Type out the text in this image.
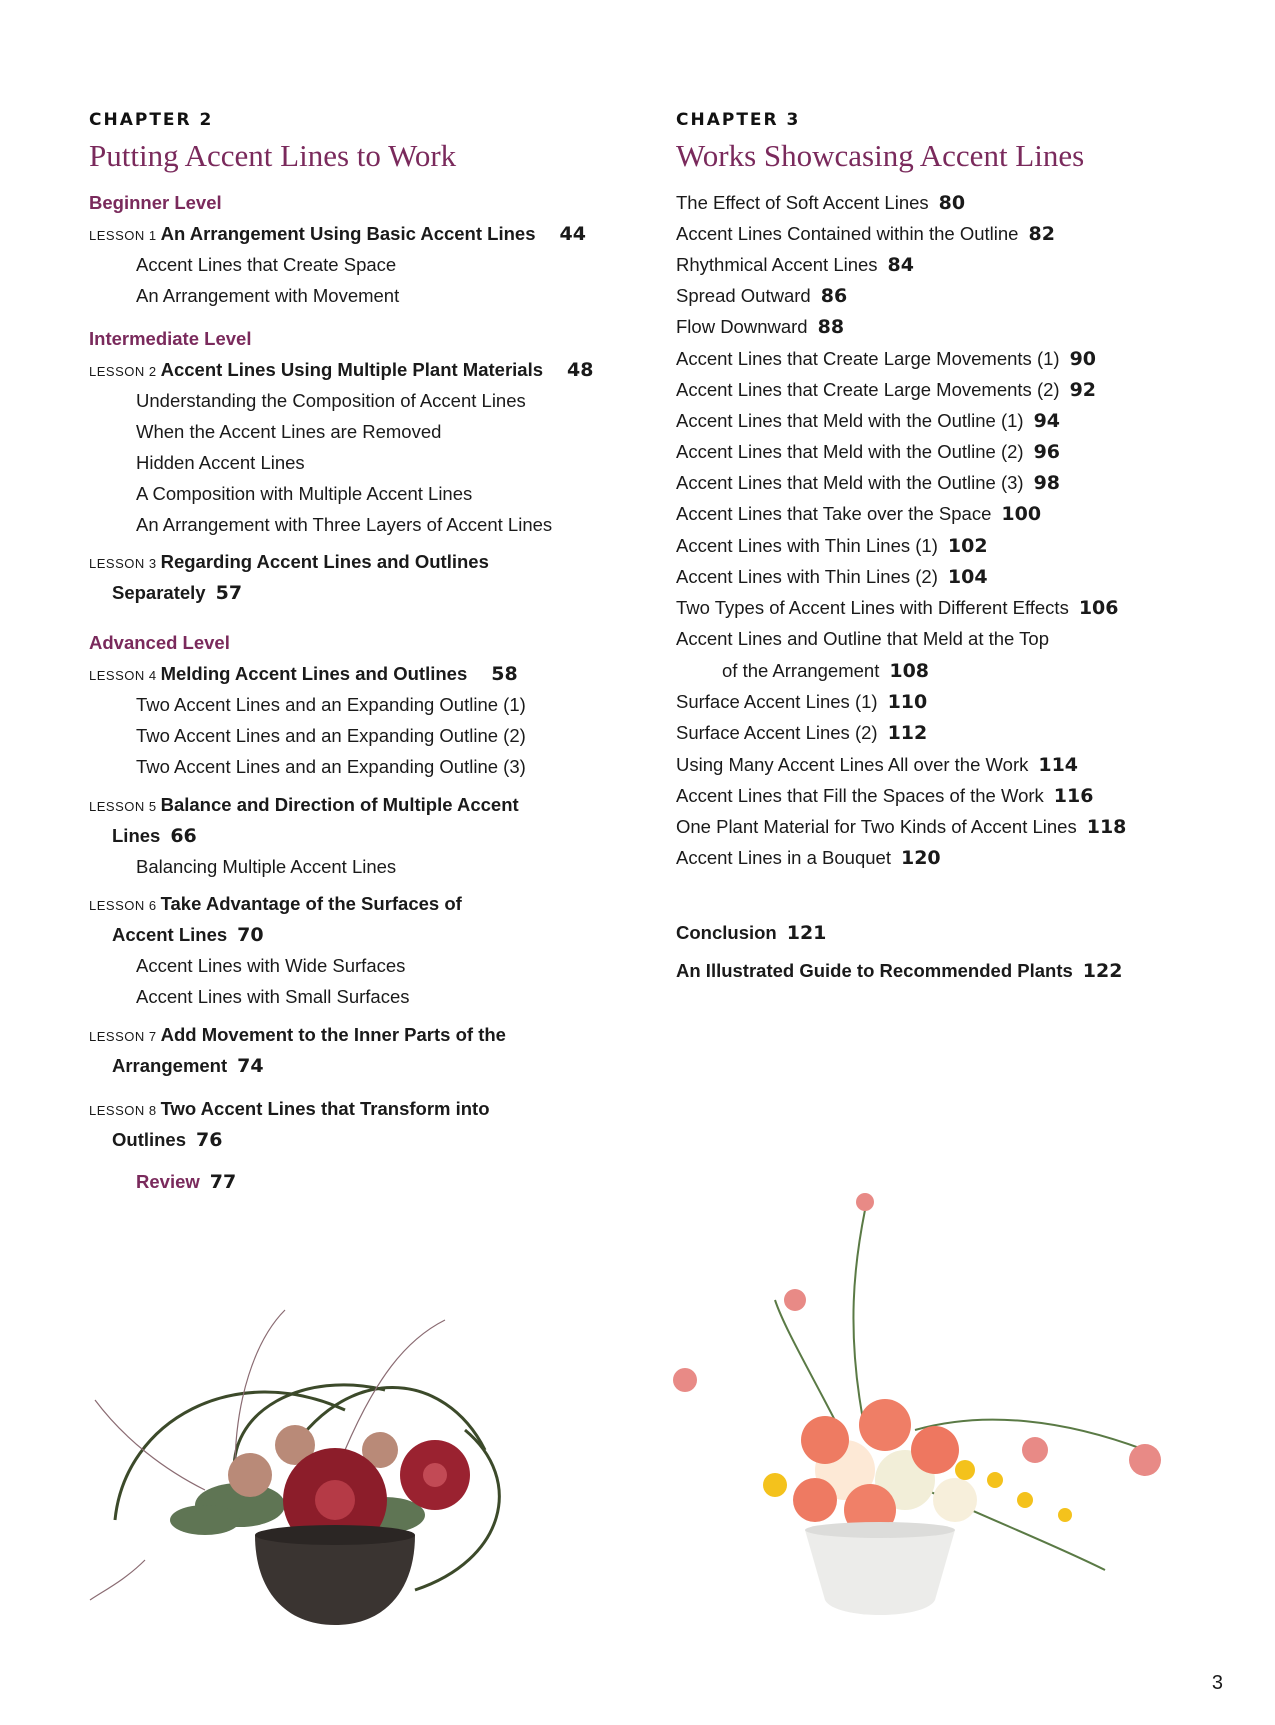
CHAPTER 2
Putting Accent Lines to Work
Beginner Level
LESSON 1 An Arrangement Using Basic Accent Lines 44
Accent Lines that Create Space
An Arrangement with Movement
Intermediate Level
LESSON 2 Accent Lines Using Multiple Plant Materials 48
Understanding the Composition of Accent Lines
When the Accent Lines are Removed
Hidden Accent Lines
A Composition with Multiple Accent Lines
An Arrangement with Three Layers of Accent Lines
LESSON 3 Regarding Accent Lines and Outlines
Separately 57
Advanced Level
LESSON 4 Melding Accent Lines and Outlines 58
Two Accent Lines and an Expanding Outline (1)
Two Accent Lines and an Expanding Outline (2)
Two Accent Lines and an Expanding Outline (3)
LESSON 5 Balance and Direction of Multiple Accent
Lines 66
Balancing Multiple Accent Lines
LESSON 6 Take Advantage of the Surfaces of
Accent Lines 70
Accent Lines with Wide Surfaces
Accent Lines with Small Surfaces
LESSON 7 Add Movement to the Inner Parts of the
Arrangement 74
LESSON 8 Two Accent Lines that Transform into
Outlines 76
Review 77
CHAPTER 3
Works Showcasing Accent Lines
The Effect of Soft Accent Lines 80
Accent Lines Contained within the Outline 82
Rhythmical Accent Lines 84
Spread Outward 86
Flow Downward 88
Accent Lines that Create Large Movements (1) 90
Accent Lines that Create Large Movements (2) 92
Accent Lines that Meld with the Outline (1) 94
Accent Lines that Meld with the Outline (2) 96
Accent Lines that Meld with the Outline (3) 98
Accent Lines that Take over the Space 100
Accent Lines with Thin Lines (1) 102
Accent Lines with Thin Lines (2) 104
Two Types of Accent Lines with Different Effects 106
Accent Lines and Outline that Meld at the Top
of the Arrangement 108
Surface Accent Lines (1) 110
Surface Accent Lines (2) 112
Using Many Accent Lines All over the Work 114
Accent Lines that Fill the Spaces of the Work 116
One Plant Material for Two Kinds of Accent Lines 118
Accent Lines in a Bouquet 120
Conclusion 121
An Illustrated Guide to Recommended Plants 122
3
